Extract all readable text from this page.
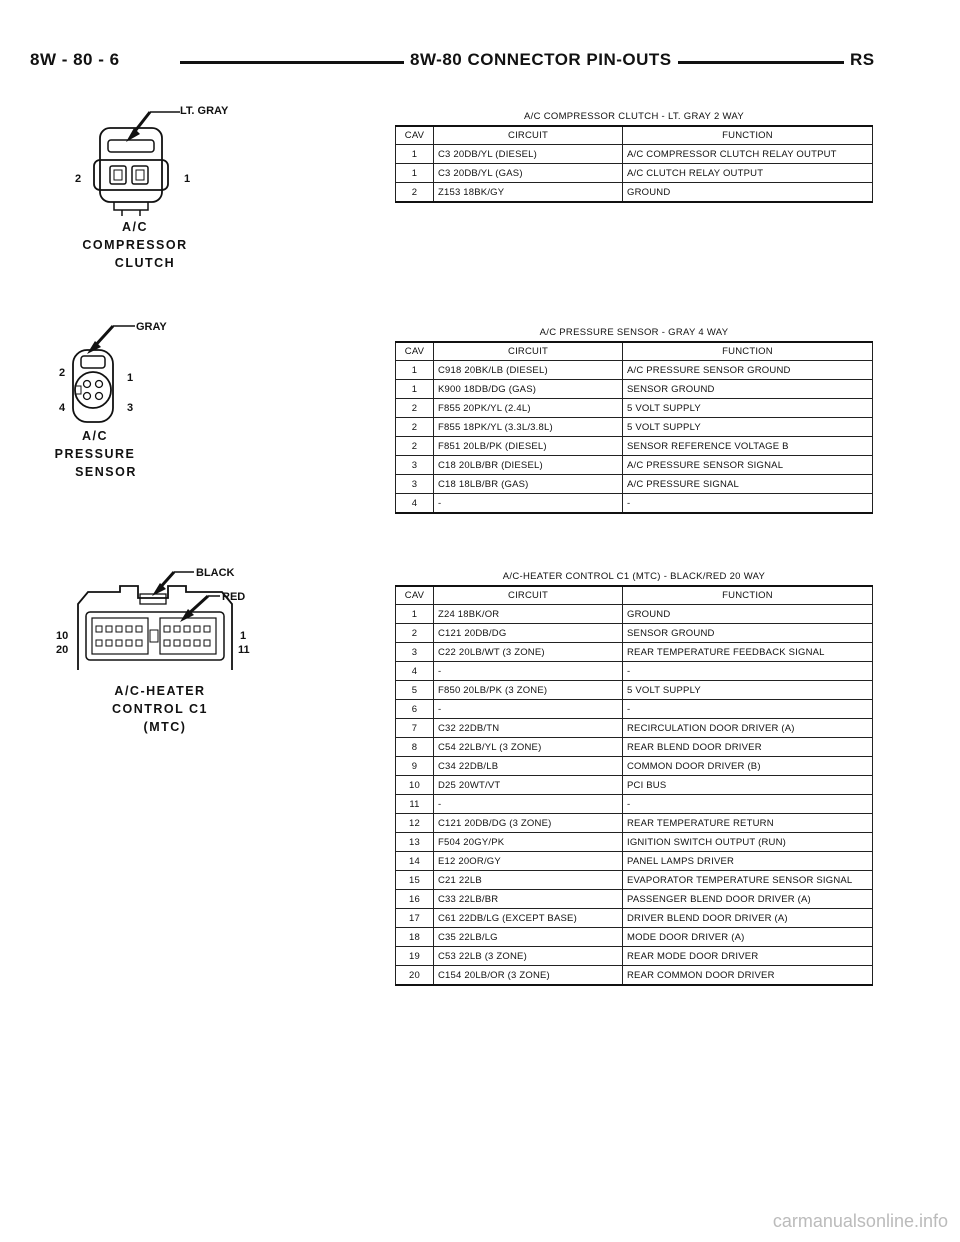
8W - 80 - 6	8W-80 CONNECTOR PIN-OUTS	RS
LT. GRAY
2	1
A/C
COMPRESSOR
CLUTCH
A/C COMPRESSOR CLUTCH - LT. GRAY 2 WAY
CAV	CIRCUIT	FUNCTION
1	C3 20DB/YL (DIESEL)	A/C COMPRESSOR CLUTCH RELAY OUTPUT
1	C3 20DB/YL (GAS)	A/C CLUTCH RELAY OUTPUT
2	Z153 18BK/GY	GROUND
GRAY
2	1
4	3
A/C
PRESSURE
SENSOR
A/C PRESSURE SENSOR - GRAY 4 WAY
CAV	CIRCUIT	FUNCTION
1	C918 20BK/LB (DIESEL)	A/C PRESSURE SENSOR GROUND
1	K900 18DB/DG (GAS)	SENSOR GROUND
2	F855 20PK/YL (2.4L)	5 VOLT SUPPLY
2	F855 18PK/YL (3.3L/3.8L)	5 VOLT SUPPLY
2	F851 20LB/PK (DIESEL)	SENSOR REFERENCE VOLTAGE B
3	C18 20LB/BR (DIESEL)	A/C PRESSURE SENSOR SIGNAL
3	C18 18LB/BR (GAS)	A/C PRESSURE SIGNAL
4	-	-
BLACK
RED
10
20
1
11
A/C-HEATER
CONTROL C1
(MTC)
A/C-HEATER CONTROL C1 (MTC) - BLACK/RED 20 WAY
CAV	CIRCUIT	FUNCTION
1	Z24 18BK/OR	GROUND
2	C121 20DB/DG	SENSOR GROUND
3	C22 20LB/WT (3 ZONE)	REAR TEMPERATURE FEEDBACK SIGNAL
4	-	-
5	F850 20LB/PK (3 ZONE)	5 VOLT SUPPLY
6	-	-
7	C32 22DB/TN	RECIRCULATION DOOR DRIVER (A)
8	C54 22LB/YL (3 ZONE)	REAR BLEND DOOR DRIVER
9	C34 22DB/LB	COMMON DOOR DRIVER (B)
10	D25 20WT/VT	PCI BUS
11	-	-
12	C121 20DB/DG (3 ZONE)	REAR TEMPERATURE RETURN
13	F504 20GY/PK	IGNITION SWITCH OUTPUT (RUN)
14	E12 20OR/GY	PANEL LAMPS DRIVER
15	C21 22LB	EVAPORATOR TEMPERATURE SENSOR SIGNAL
16	C33 22LB/BR	PASSENGER BLEND DOOR DRIVER (A)
17	C61 22DB/LG (EXCEPT BASE)	DRIVER BLEND DOOR DRIVER (A)
18	C35 22LB/LG	MODE DOOR DRIVER (A)
19	C53 22LB (3 ZONE)	REAR MODE DOOR DRIVER
20	C154 20LB/OR (3 ZONE)	REAR COMMON DOOR DRIVER
carmanualsonline.info
